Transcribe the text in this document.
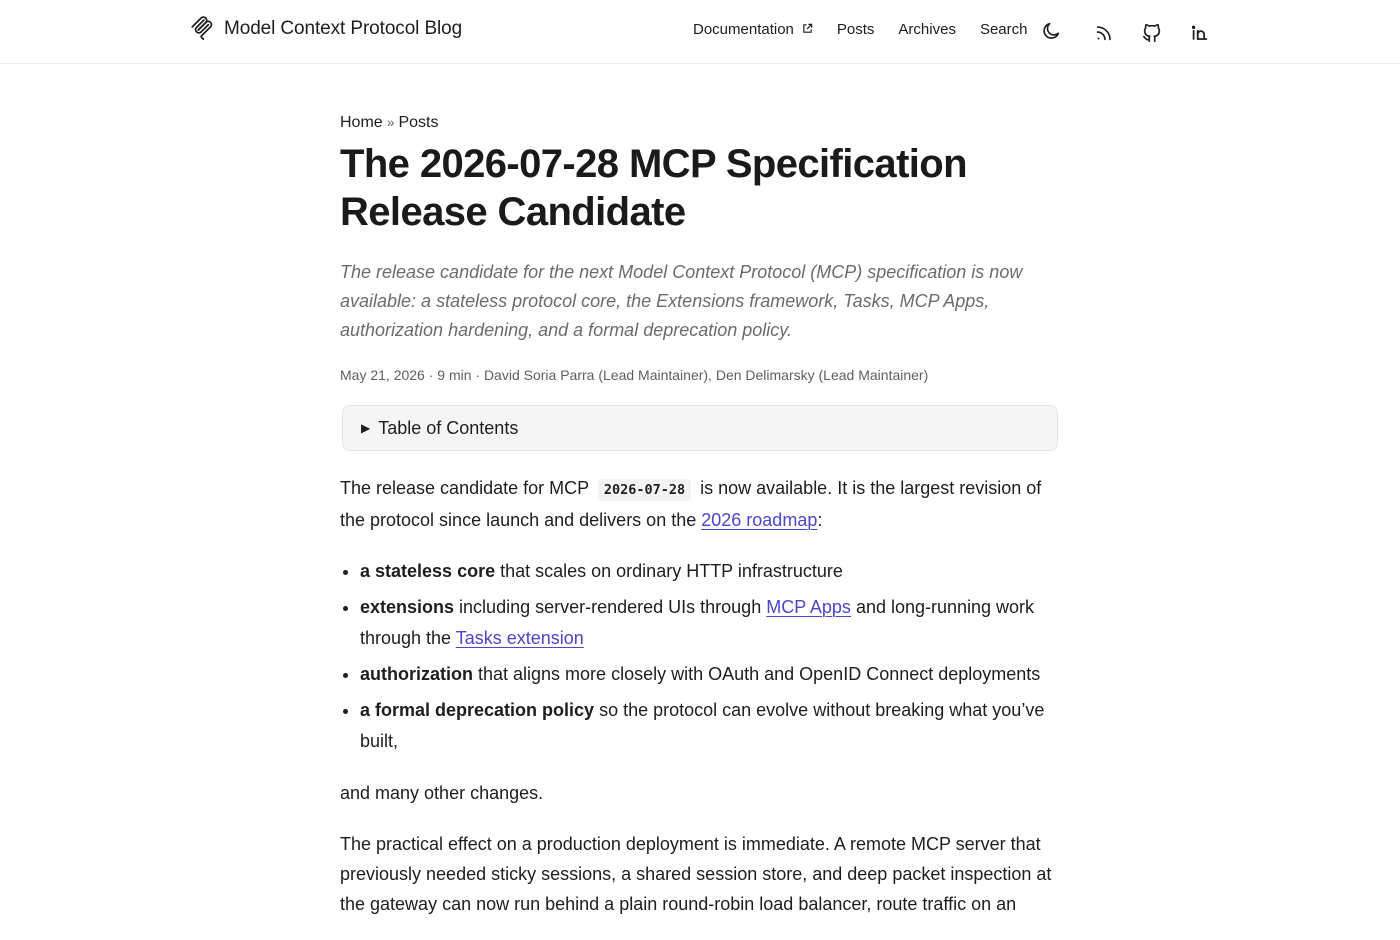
Model Context Protocol Blog	Documentation	Posts Archives Search
Home » Posts
The 2026-07-28 MCP Specification Release Candidate

The release candidate for the next Model Context Protocol (MCP) specification is now available: a stateless protocol core, the Extensions framework, Tasks, MCP Apps, authorization hardening, and a formal deprecation policy.

May 21, 2026 · 9 min · David Soria Parra (Lead Maintainer), Den Delimarsky (Lead Maintainer)
▶ Table of Contents

The release candidate for MCP 2026-07-28 is now available. It is the largest revision of the protocol since launch and delivers on the 2026 roadmap:

• a stateless core that scales on ordinary HTTP infrastructure
• extensions including server-rendered UIs through MCP Apps and long-running work through the Tasks extension
• authorization that aligns more closely with OAuth and OpenID Connect deployments
• a formal deprecation policy so the protocol can evolve without breaking what you’ve built,

and many other changes.

The practical effect on a production deployment is immediate. A remote MCP server that previously needed sticky sessions, a shared session store, and deep packet inspection at the gateway can now run behind a plain round-robin load balancer, route traffic on an
